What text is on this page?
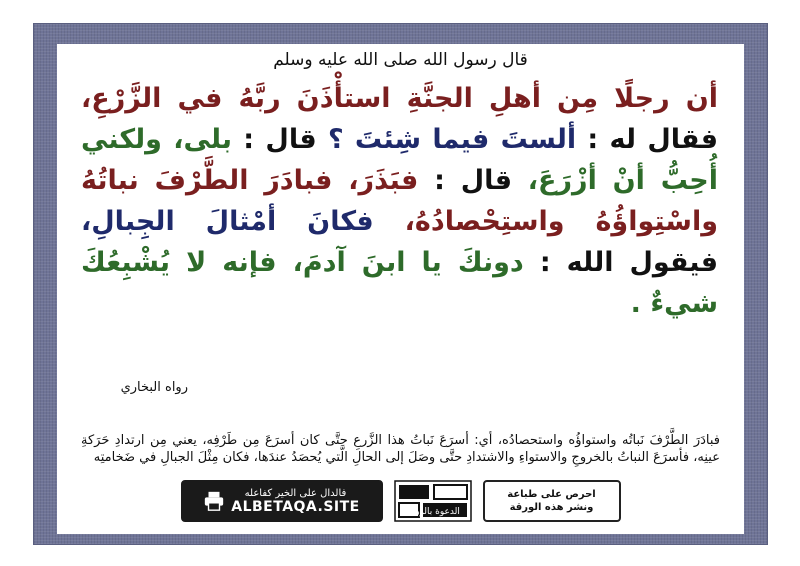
قال رسول الله صلى الله عليه وسلم
أن رجلًا مِن أهلِ الجنَّةِ استأْذَنَ ربَّهُ في الزَّرْعِ، فقال له : ألستَ فيما شِئتَ ؟ قال : بلى، ولكني أُحِبُّ أنْ أزْرَعَ، قال : فبَذَرَ، فبادَرَ الطَّرْفَ نباتُهُ واسْتِواؤُهُ واستِحْصادُهُ، فكانَ أمْثالَ الجِبالِ، فيقول الله : دونكَ يا ابنَ آدمَ، فإنه لا يُشْبِعُكَ شيءٌ .
رواه البخاري
فبادَرَ الطَّرْفَ نَباتُه واستواؤُه واستحصادُه، أي: أسرَعَ نَباتُ هذا الزَّرعِ حتَّى كان أسرَعَ مِن طَرْفِه، يعني مِن ارتدادِ حَرَكةِ عينِه، فأسرَعَ النباتُ بالخروجِ والاستواءِ والاشتدادِ حتَّى وصَلَ إلى الحالِ الَّتي يُحصَدُ عندَها، فكان مِثْلَ الجبالِ في ضَخامتِه
فالدال على الخير كفاعله
ALBETAQA.SITE	الدعوة بالورقة
احرص على طباعة
ونشر هذه الورقة
